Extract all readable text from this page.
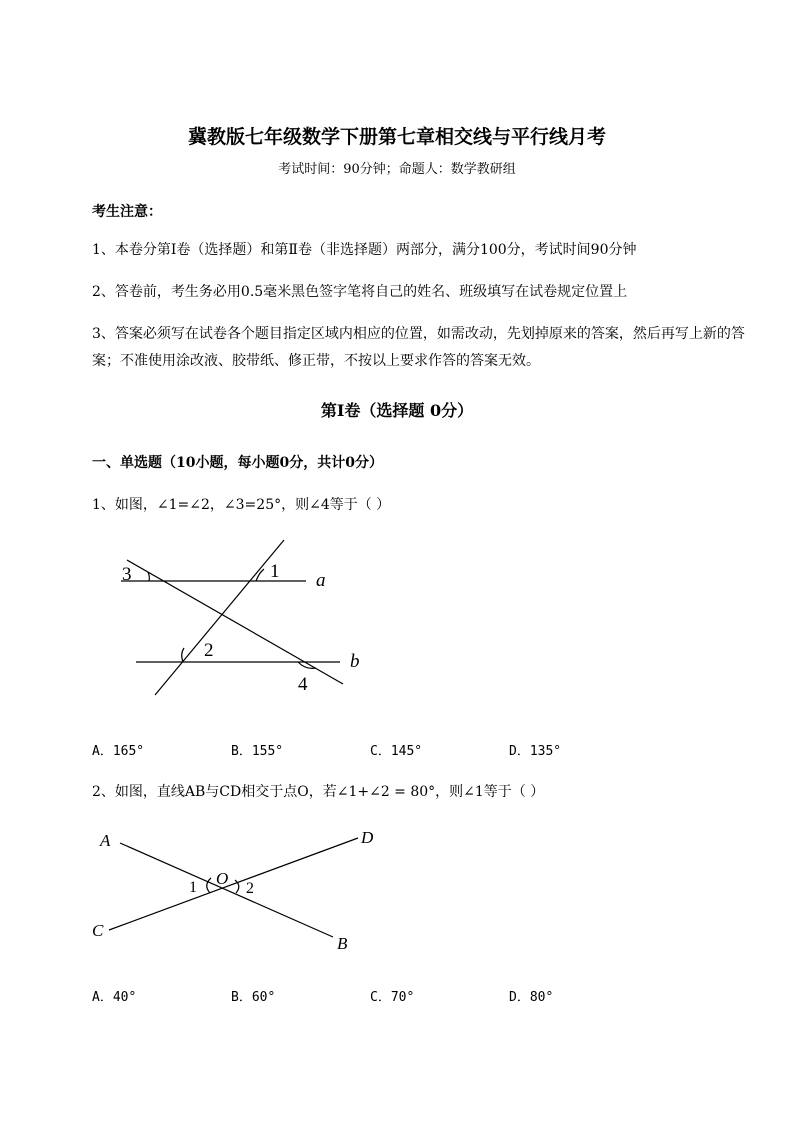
冀教版七年级数学下册第七章相交线与平行线月考
考试时间：90分钟；命题人：数学教研组
考生注意：
1、本卷分第I卷（选择题）和第Ⅱ卷（非选择题）两部分，满分100分，考试时间90分钟
2、答卷前，考生务必用0.5毫米黑色签字笔将自己的姓名、班级填写在试卷规定位置上
3、答案必须写在试卷各个题目指定区域内相应的位置，如需改动，先划掉原来的答案，然后再写上新的答案；不准使用涂改液、胶带纸、修正带，不按以上要求作答的答案无效。
第I卷（选择题 0分）
一、单选题（10小题，每小题0分，共计0分）
1、如图，∠1=∠2，∠3=25°，则∠4等于（ ）
3	1
2
4
a
b
A
B
C
D
O
1	2
A．165°	B．155°	C．145°	D．135°
2、如图，直线AB与CD相交于点O，若∠1+∠2 = 80°，则∠1等于（ ）
A．40°	B．60°	C．70°	D．80°
